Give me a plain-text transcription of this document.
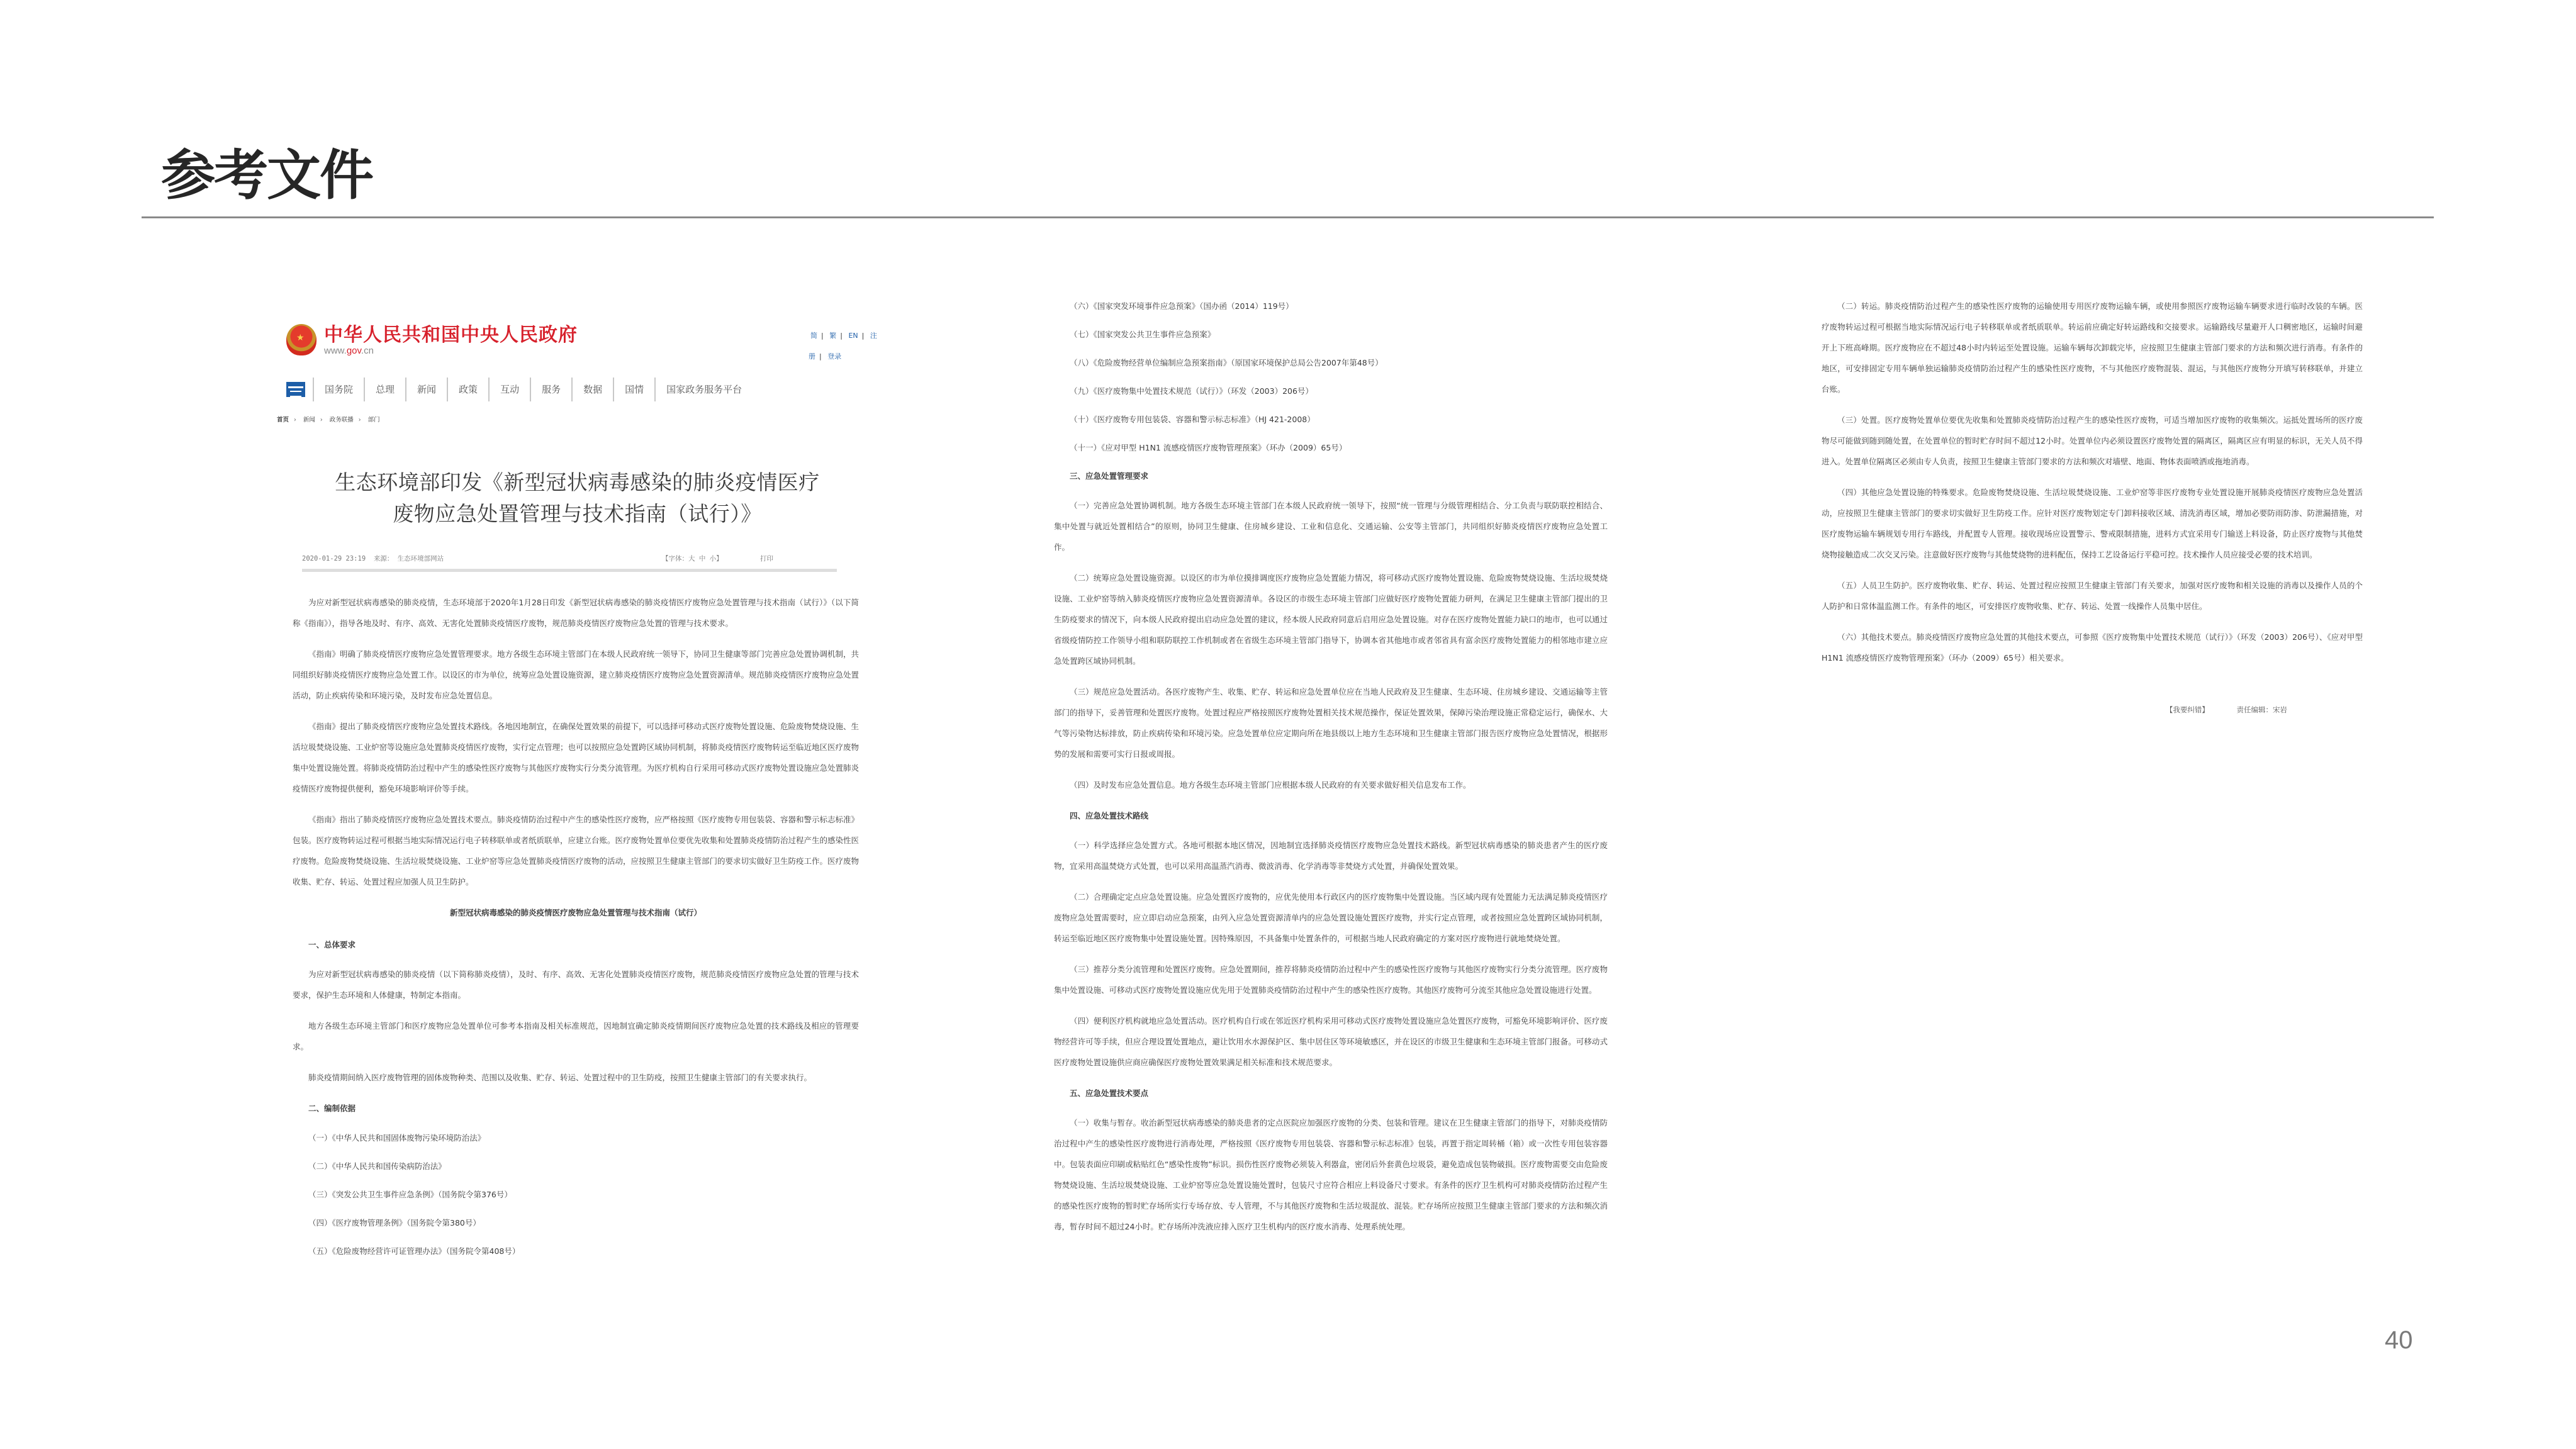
参考文件
★
中华人民共和国中央人民政府
www.gov.cn
简 | 繁 | EN | 注册 | 登录
国务院	总理	新闻	政策	互动	服务	数据	国情	国家政务服务平台
首页 › 新闻 › 政务联播 › 部门
生态环境部印发《新型冠状病毒感染的肺炎疫情医疗
废物应急处置管理与技术指南（试行）》
2020-01-29 23:19 来源： 生态环境部网站	【字体：大 中 小】	打印

为应对新型冠状病毒感染的肺炎疫情，生态环境部于2020年1月28日印发《新型冠状病毒感染的肺炎疫情医疗废物应急处置管理与技术指南（试行）》（以下简称《指南》），指导各地及时、有序、高效、无害化处置肺炎疫情医疗废物，规范肺炎疫情医疗废物应急处置的管理与技术要求。

《指南》明确了肺炎疫情医疗废物应急处置管理要求。地方各级生态环境主管部门在本级人民政府统一领导下，协同卫生健康等部门完善应急处置协调机制，共同组织好肺炎疫情医疗废物应急处置工作。以设区的市为单位，统筹应急处置设施资源，建立肺炎疫情医疗废物应急处置资源清单。规范肺炎疫情医疗废物应急处置活动，防止疾病传染和环境污染，及时发布应急处置信息。

《指南》提出了肺炎疫情医疗废物应急处置技术路线。各地因地制宜，在确保处置效果的前提下，可以选择可移动式医疗废物处置设施、危险废物焚烧设施、生活垃圾焚烧设施、工业炉窑等设施应急处置肺炎疫情医疗废物，实行定点管理；也可以按照应急处置跨区域协同机制，将肺炎疫情医疗废物转运至临近地区医疗废物集中处置设施处置。将肺炎疫情防治过程中产生的感染性医疗废物与其他医疗废物实行分类分流管理。为医疗机构自行采用可移动式医疗废物处置设施应急处置肺炎疫情医疗废物提供便利，豁免环境影响评价等手续。

《指南》指出了肺炎疫情医疗废物应急处置技术要点。肺炎疫情防治过程中产生的感染性医疗废物，应严格按照《医疗废物专用包装袋、容器和警示标志标准》包装。医疗废物转运过程可根据当地实际情况运行电子转移联单或者纸质联单，应建立台账。医疗废物处置单位要优先收集和处置肺炎疫情防治过程产生的感染性医疗废物。危险废物焚烧设施、生活垃圾焚烧设施、工业炉窑等应急处置肺炎疫情医疗废物的活动，应按照卫生健康主管部门的要求切实做好卫生防疫工作。医疗废物收集、贮存、转运、处置过程应加强人员卫生防护。

新型冠状病毒感染的肺炎疫情医疗废物应急处置管理与技术指南（试行）

一、总体要求

为应对新型冠状病毒感染的肺炎疫情（以下简称肺炎疫情），及时、有序、高效、无害化处置肺炎疫情医疗废物，规范肺炎疫情医疗废物应急处置的管理与技术要求，保护生态环境和人体健康，特制定本指南。

地方各级生态环境主管部门和医疗废物应急处置单位可参考本指南及相关标准规范，因地制宜确定肺炎疫情期间医疗废物应急处置的技术路线及相应的管理要求。

肺炎疫情期间纳入医疗废物管理的固体废物种类、范围以及收集、贮存、转运、处置过程中的卫生防疫，按照卫生健康主管部门的有关要求执行。

二、编制依据

（一）《中华人民共和国固体废物污染环境防治法》

（二）《中华人民共和国传染病防治法》

（三）《突发公共卫生事件应急条例》（国务院令第376号）

（四）《医疗废物管理条例》（国务院令第380号）

（五）《危险废物经营许可证管理办法》（国务院令第408号）

（六）《国家突发环境事件应急预案》（国办函（2014）119号）

（七）《国家突发公共卫生事件应急预案》

（八）《危险废物经营单位编制应急预案指南》（原国家环境保护总局公告2007年第48号）

（九）《医疗废物集中处置技术规范（试行）》（环发（2003）206号）

（十）《医疗废物专用包装袋、容器和警示标志标准》（HJ 421-2008）

（十一）《应对甲型 H1N1 流感疫情医疗废物管理预案》（环办（2009）65号）

三、应急处置管理要求

（一）完善应急处置协调机制。地方各级生态环境主管部门在本级人民政府统一领导下，按照“统一管理与分级管理相结合、分工负责与联防联控相结合、集中处置与就近处置相结合”的原则，协同卫生健康、住房城乡建设、工业和信息化、交通运输、公安等主管部门，共同组织好肺炎疫情医疗废物应急处置工作。

（二）统筹应急处置设施资源。以设区的市为单位摸排调度医疗废物应急处置能力情况，将可移动式医疗废物处置设施、危险废物焚烧设施、生活垃圾焚烧设施、工业炉窑等纳入肺炎疫情医疗废物应急处置资源清单。各设区的市级生态环境主管部门应做好医疗废物处置能力研判，在满足卫生健康主管部门提出的卫生防疫要求的情况下，向本级人民政府提出启动应急处置的建议，经本级人民政府同意后启用应急处置设施。对存在医疗废物处置能力缺口的地市，也可以通过省级疫情防控工作领导小组和联防联控工作机制或者在省级生态环境主管部门指导下，协调本省其他地市或者邻省具有富余医疗废物处置能力的相邻地市建立应急处置跨区域协同机制。

（三）规范应急处置活动。各医疗废物产生、收集、贮存、转运和应急处置单位应在当地人民政府及卫生健康、生态环境、住房城乡建设、交通运输等主管部门的指导下，妥善管理和处置医疗废物。处置过程应严格按照医疗废物处置相关技术规范操作，保证处置效果，保障污染治理设施正常稳定运行，确保水、大气等污染物达标排放，防止疾病传染和环境污染。应急处置单位应定期向所在地县级以上地方生态环境和卫生健康主管部门报告医疗废物应急处置情况，根据形势的发展和需要可实行日报或周报。

（四）及时发布应急处置信息。地方各级生态环境主管部门应根据本级人民政府的有关要求做好相关信息发布工作。

四、应急处置技术路线

（一）科学选择应急处置方式。各地可根据本地区情况，因地制宜选择肺炎疫情医疗废物应急处置技术路线。新型冠状病毒感染的肺炎患者产生的医疗废物，宜采用高温焚烧方式处置，也可以采用高温蒸汽消毒、微波消毒、化学消毒等非焚烧方式处置，并确保处置效果。

（二）合理确定定点应急处置设施。应急处置医疗废物的，应优先使用本行政区内的医疗废物集中处置设施。当区域内现有处置能力无法满足肺炎疫情医疗废物应急处置需要时，应立即启动应急预案，由列入应急处置资源清单内的应急处置设施处置医疗废物，并实行定点管理，或者按照应急处置跨区域协同机制，转运至临近地区医疗废物集中处置设施处置。因特殊原因，不具备集中处置条件的，可根据当地人民政府确定的方案对医疗废物进行就地焚烧处置。

（三）推荐分类分流管理和处置医疗废物。应急处置期间，推荐将肺炎疫情防治过程中产生的感染性医疗废物与其他医疗废物实行分类分流管理。医疗废物集中处置设施、可移动式医疗废物处置设施应优先用于处置肺炎疫情防治过程中产生的感染性医疗废物。其他医疗废物可分流至其他应急处置设施进行处置。

（四）便利医疗机构就地应急处置活动。医疗机构自行或在邻近医疗机构采用可移动式医疗废物处置设施应急处置医疗废物，可豁免环境影响评价、医疗废物经营许可等手续，但应合理设置处置地点，避让饮用水水源保护区、集中居住区等环境敏感区，并在设区的市级卫生健康和生态环境主管部门报备。可移动式医疗废物处置设施供应商应确保医疗废物处置效果满足相关标准和技术规范要求。

五、应急处置技术要点

（一）收集与暂存。收治新型冠状病毒感染的肺炎患者的定点医院应加强医疗废物的分类、包装和管理。建议在卫生健康主管部门的指导下，对肺炎疫情防治过程中产生的感染性医疗废物进行消毒处理，严格按照《医疗废物专用包装袋、容器和警示标志标准》包装，再置于指定周转桶（箱）或一次性专用包装容器中。包装表面应印刷或粘贴红色“感染性废物”标识。损伤性医疗废物必须装入利器盒，密闭后外套黄色垃圾袋，避免造成包装物破损。医疗废物需要交由危险废物焚烧设施、生活垃圾焚烧设施、工业炉窑等应急处置设施处置时，包装尺寸应符合相应上料设备尺寸要求。有条件的医疗卫生机构可对肺炎疫情防治过程产生的感染性医疗废物的暂时贮存场所实行专场存放、专人管理，不与其他医疗废物和生活垃圾混放、混装。贮存场所应按照卫生健康主管部门要求的方法和频次消毒，暂存时间不超过24小时。贮存场所冲洗液应排入医疗卫生机构内的医疗废水消毒、处理系统处理。

（二）转运。肺炎疫情防治过程产生的感染性医疗废物的运输使用专用医疗废物运输车辆，或使用参照医疗废物运输车辆要求进行临时改装的车辆。医疗废物转运过程可根据当地实际情况运行电子转移联单或者纸质联单。转运前应确定好转运路线和交接要求。运输路线尽量避开人口稠密地区，运输时间避开上下班高峰期。医疗废物应在不超过48小时内转运至处置设施。运输车辆每次卸载完毕，应按照卫生健康主管部门要求的方法和频次进行消毒。有条件的地区，可安排固定专用车辆单独运输肺炎疫情防治过程产生的感染性医疗废物，不与其他医疗废物混装、混运，与其他医疗废物分开填写转移联单，并建立台账。

（三）处置。医疗废物处置单位要优先收集和处置肺炎疫情防治过程产生的感染性医疗废物，可适当增加医疗废物的收集频次。运抵处置场所的医疗废物尽可能做到随到随处置，在处置单位的暂时贮存时间不超过12小时。处置单位内必须设置医疗废物处置的隔离区，隔离区应有明显的标识，无关人员不得进入。处置单位隔离区必须由专人负责，按照卫生健康主管部门要求的方法和频次对墙壁、地面、物体表面喷洒或拖地消毒。

（四）其他应急处置设施的特殊要求。危险废物焚烧设施、生活垃圾焚烧设施、工业炉窑等非医疗废物专业处置设施开展肺炎疫情医疗废物应急处置活动，应按照卫生健康主管部门的要求切实做好卫生防疫工作。应针对医疗废物划定专门卸料接收区域、清洗消毒区域，增加必要防雨防渗、防泄漏措施，对医疗废物运输车辆规划专用行车路线，并配置专人管理。接收现场应设置警示、警戒限制措施，进料方式宜采用专门输送上料设备，防止医疗废物与其他焚烧物接触造成二次交叉污染。注意做好医疗废物与其他焚烧物的进料配伍，保持工艺设备运行平稳可控。技术操作人员应接受必要的技术培训。

（五）人员卫生防护。医疗废物收集、贮存、转运、处置过程应按照卫生健康主管部门有关要求，加强对医疗废物和相关设施的消毒以及操作人员的个人防护和日常体温监测工作。有条件的地区，可安排医疗废物收集、贮存、转运、处置一线操作人员集中居住。

（六）其他技术要点。肺炎疫情医疗废物应急处置的其他技术要点，可参照《医疗废物集中处置技术规范（试行）》（环发（2003）206号）、《应对甲型 H1N1 流感疫情医疗废物管理预案》（环办（2009）65号）相关要求。

【我要纠错】	责任编辑：宋岩
40
